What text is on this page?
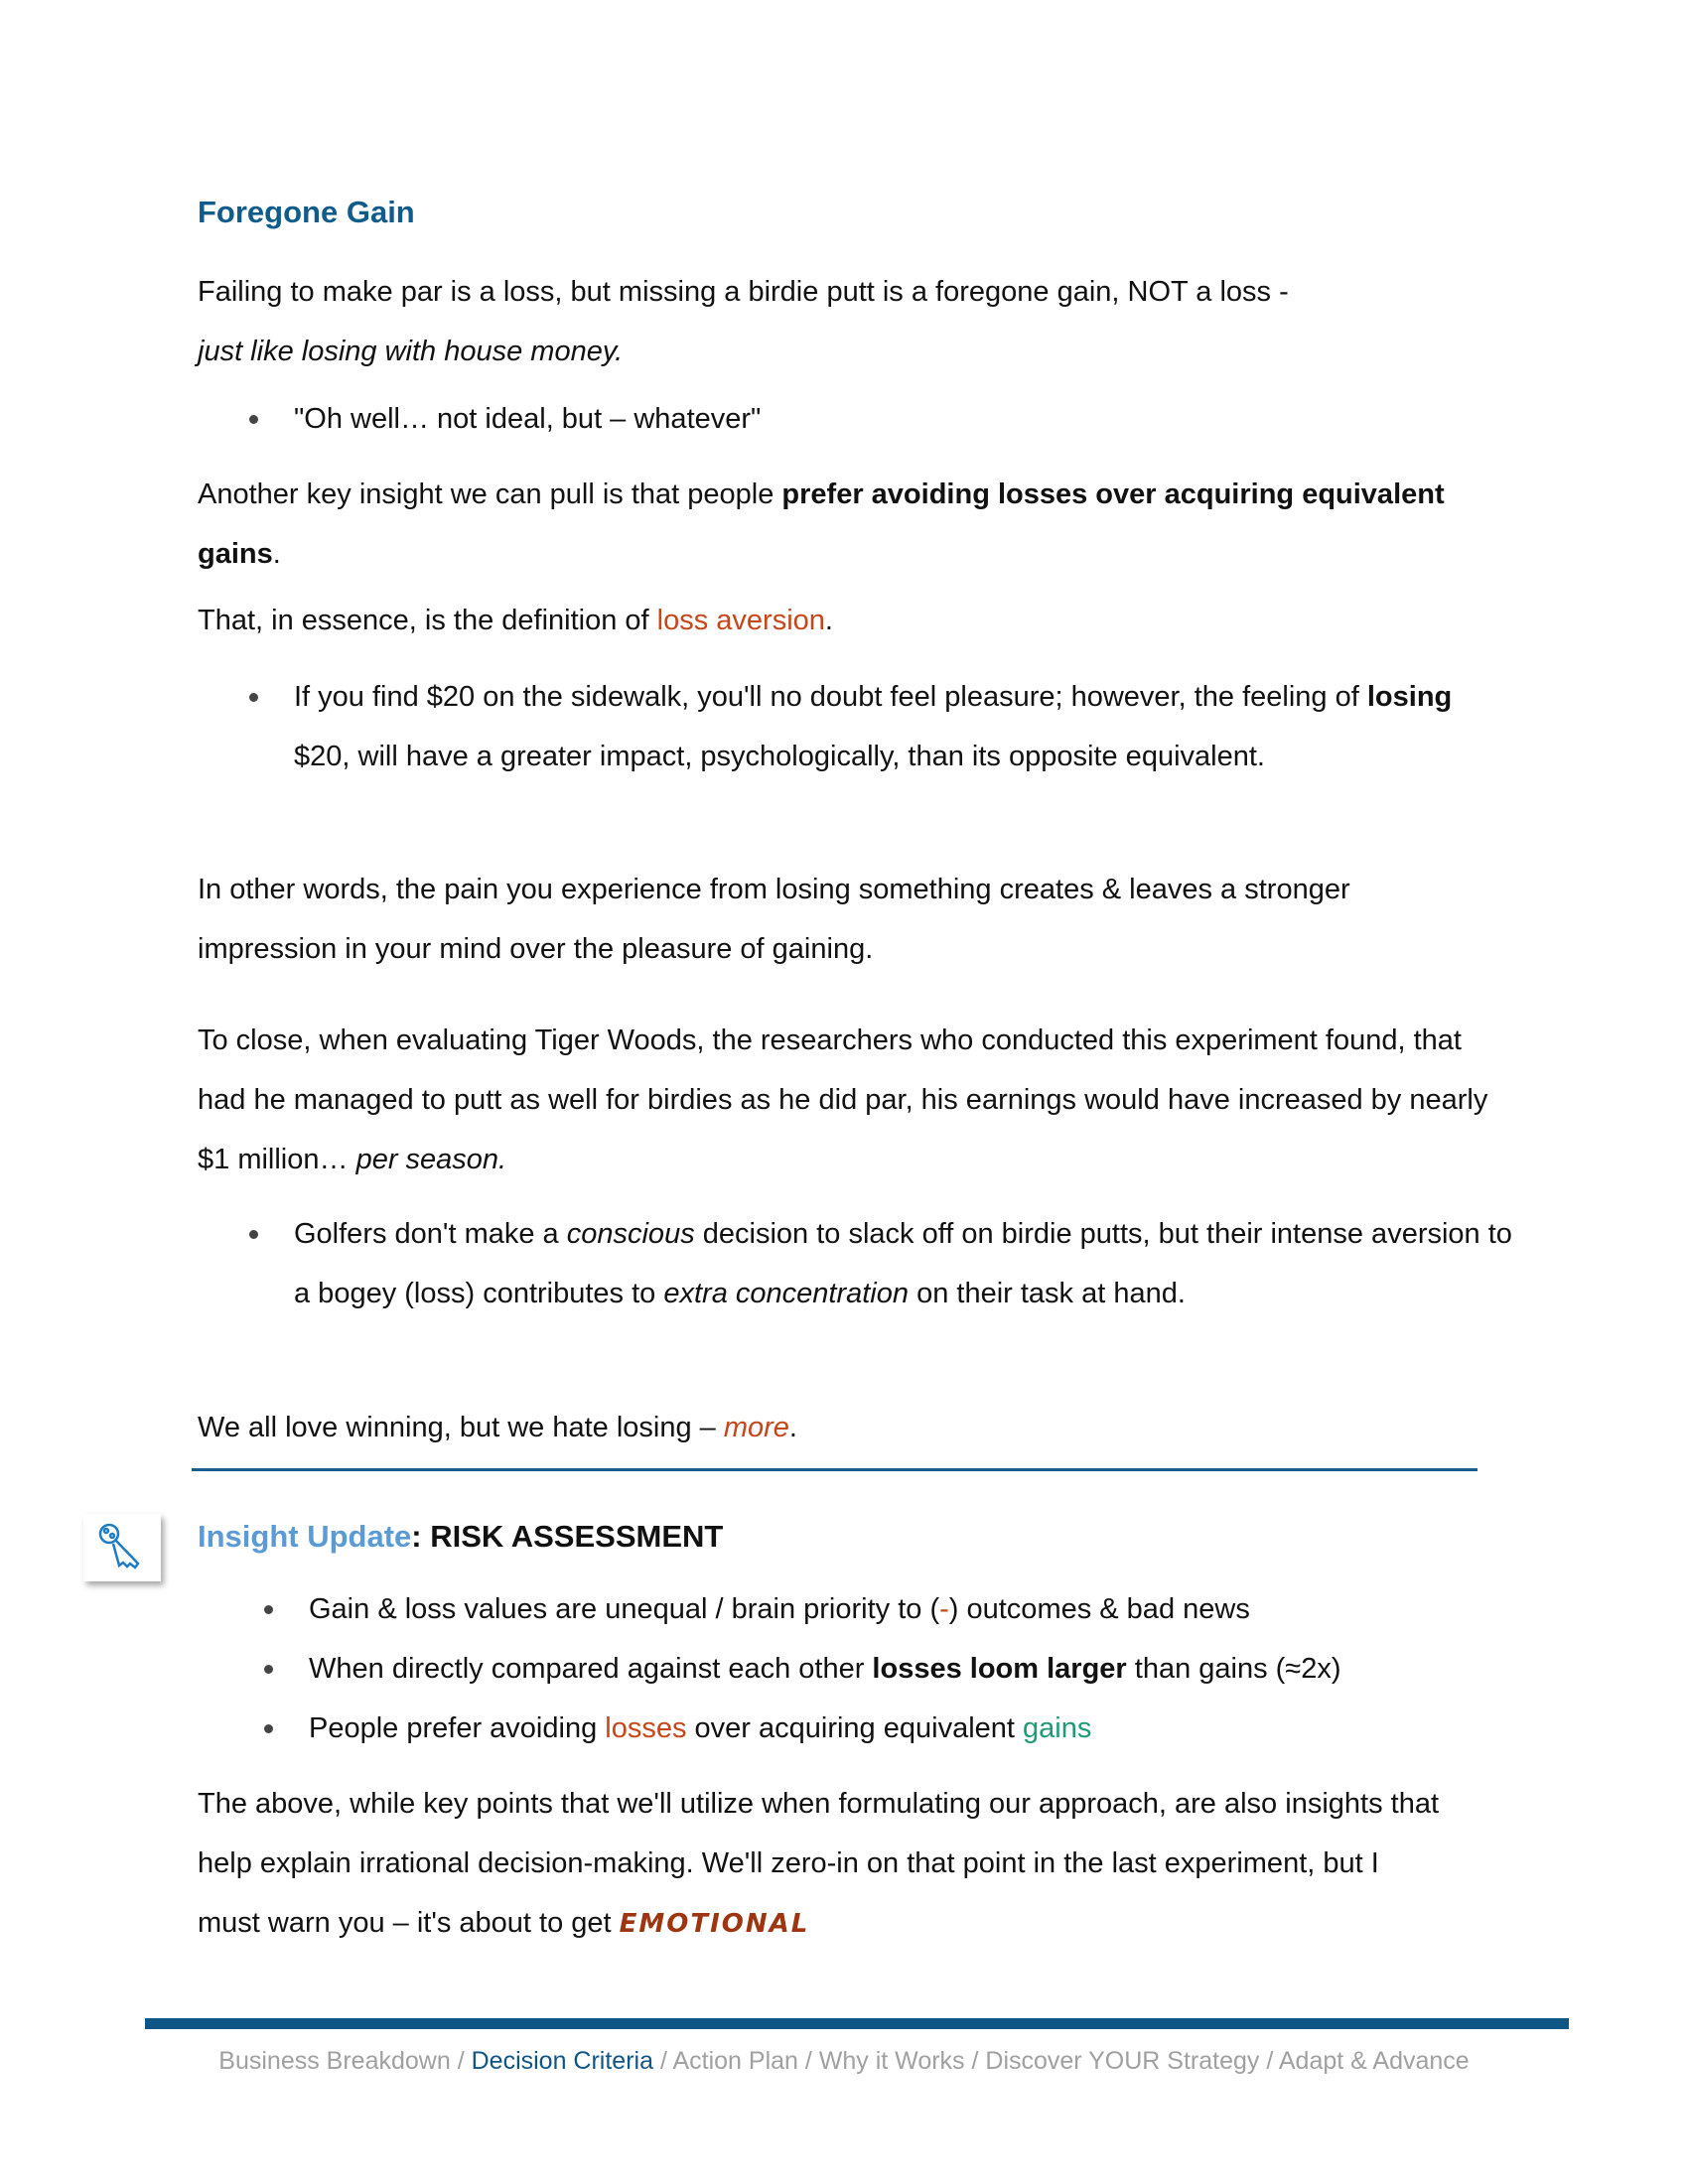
Foregone Gain
Failing to make par is a loss, but missing a birdie putt is a foregone gain, NOT a loss -
just like losing with house money.
"Oh well… not ideal, but – whatever"
Another key insight we can pull is that people prefer avoiding losses over acquiring equivalent gains.
That, in essence, is the definition of loss aversion.
If you find $20 on the sidewalk, you'll no doubt feel pleasure; however, the feeling of losing $20, will have a greater impact, psychologically, than its opposite equivalent.
In other words, the pain you experience from losing something creates & leaves a stronger impression in your mind over the pleasure of gaining.
To close, when evaluating Tiger Woods, the researchers who conducted this experiment found, that had he managed to putt as well for birdies as he did par, his earnings would have increased by nearly $1 million… per season.
Golfers don't make a conscious decision to slack off on birdie putts, but their intense aversion to a bogey (loss) contributes to extra concentration on their task at hand.
We all love winning, but we hate losing – more.
Insight Update: RISK ASSESSMENT
Gain & loss values are unequal / brain priority to (-) outcomes & bad news
When directly compared against each other losses loom larger than gains (≈2x)
People prefer avoiding losses over acquiring equivalent gains
The above, while key points that we'll utilize when formulating our approach, are also insights that help explain irrational decision-making. We'll zero-in on that point in the last experiment, but I must warn you – it's about to get EMOTIONAL
Business Breakdown / Decision Criteria / Action Plan / Why it Works / Discover YOUR Strategy / Adapt & Advance
